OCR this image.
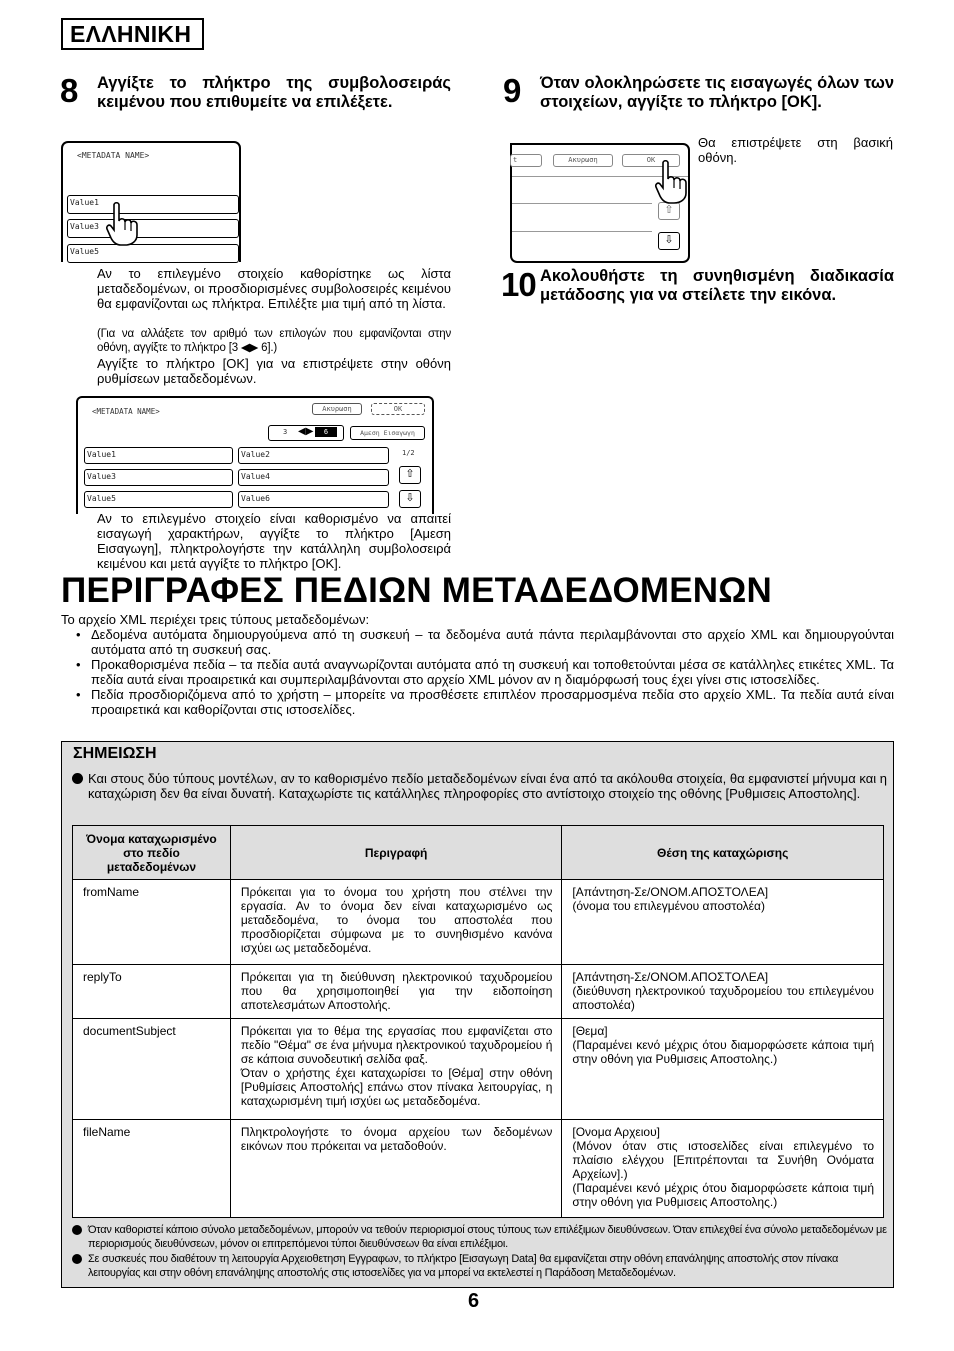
ΕΛΛΗΝΙΚΗ
8 Αγγίξτε το πλήκτρο της συμβολοσειράς κειμένου που επιθυμείτε να επιλέξετε.
<METADATA NAME>
Value1
Value3
Value5
Αν το επιλεγμένο στοιχείο καθορίστηκε ως λίστα μεταδεδομένων, οι προσδιορισμένες συμβολοσειρές κειμένου θα εμφανίζονται ως πλήκτρα. Επιλέξτε μια τιμή από τη λίστα.
(Για να αλλάξετε τον αριθμό των επιλογών που εμφανίζονται στην οθόνη, αγγίξτε το πλήκτρο [3 ◀▶ 6].)
Αγγίξτε το πλήκτρο [OK] για να επιστρέψετε στην οθόνη ρυθμίσεων μεταδεδομένων.
<METADATA NAME>	Ακυρωση	OK
3 ◀▶	6	Αμεση Εισαγωγη
Value1	Value2
Value3	Value4
Value5	Value6
1/2
⇧
⇩
Αν το επιλεγμένο στοιχείο είναι καθορισμένο να απαιτεί εισαγωγή χαρακτήρων, αγγίξτε το πλήκτρο [Αμεση Εισαγωγη], πληκτρολογήστε την κατάλληλη συμβολοσειρά κειμένου και μετά αγγίξτε το πλήκτρο [OK].
9 Όταν ολοκληρώσετε τις εισαγωγές όλων των στοιχείων, αγγίξτε το πλήκτρο [OK].
t	Ακυρωση	OK
⇧
⇩
Θα επιστρέψετε στη βασική οθόνη.
10 Ακολουθήστε τη συνηθισμένη διαδικασία μετάδοσης για να στείλετε την εικόνα.
ΠΕΡΙΓΡΑΦΕΣ ΠΕΔΙΩΝ ΜΕΤΑΔΕΔΟΜΕΝΩΝ
Το αρχείο XML περιέχει τρεις τύπους μεταδεδομένων:
• Δεδομένα αυτόματα δημιουργούμενα από τη συσκευή – τα δεδομένα αυτά πάντα περιλαμβάνονται στο αρχείο XML και δημιουργούνται αυτόματα από τη συσκευή σας.
• Προκαθορισμένα πεδία – τα πεδία αυτά αναγνωρίζονται αυτόματα από τη συσκευή και τοποθετούνται μέσα σε κατάλληλες ετικέτες XML. Τα πεδία αυτά είναι προαιρετικά και συμπεριλαμβάνονται στο αρχείο XML μόνον αν η διαμόρφωσή τους έχει γίνει στις ιστοσελίδες.
• Πεδία προσδιοριζόμενα από το χρήστη – μπορείτε να προσθέσετε επιπλέον προσαρμοσμένα πεδία στο αρχείο XML. Τα πεδία αυτά είναι προαιρετικά και καθορίζονται στις ιστοσελίδες.
ΣΗΜΕΙΩΣΗ
Και στους δύο τύπους μοντέλων, αν το καθορισμένο πεδίο μεταδεδομένων είναι ένα από τα ακόλουθα στοιχεία, θα εμφανιστεί μήνυμα και η καταχώριση δεν θα είναι δυνατή. Καταχωρίστε τις κατάλληλες πληροφορίες στο αντίστοιχο στοιχείο της οθόνης [Ρυθμισεις Αποστολης].
Όνομα καταχωρισμένο στο πεδίο μεταδεδομένων	Περιγραφή	Θέση της καταχώρισης
fromName	Πρόκειται για το όνομα του χρήστη που στέλνει την εργασία. Αν το όνομα δεν είναι καταχωρισμένο ως μεταδεδομένα, το όνομα του αποστολέα που προσδιορίζεται σύμφωνα με το συνηθισμένο κανόνα ισχύει ως μεταδεδομένα.	[Απάντηση-Σε/ΟΝΟΜ.ΑΠΟΣΤΟΛΕΑ]
(όνομα του επιλεγμένου αποστολέα)
replyTo	Πρόκειται για τη διεύθυνση ηλεκτρονικού ταχυδρομείου που θα χρησιμοποιηθεί για την ειδοποίηση αποτελεσμάτων Αποστολής.	[Απάντηση-Σε/ΟΝΟΜ.ΑΠΟΣΤΟΛΕΑ]
(διεύθυνση ηλεκτρονικού ταχυδρομείου του επιλεγμένου αποστολέα)
documentSubject	Πρόκειται για το θέμα της εργασίας που εμφανίζεται στο πεδίο "Θέμα" σε ένα μήνυμα ηλεκτρονικού ταχυδρομείου ή σε κάποια συνοδευτική σελίδα φαξ.
Όταν ο χρήστης έχει καταχωρίσει το [Θέμα] στην οθόνη [Ρυθμίσεις Αποστολής] επάνω στον πίνακα λειτουργίας, η καταχωρισμένη τιμή ισχύει ως μεταδεδομένα.	[Θεμα]
(Παραμένει κενό μέχρις ότου διαμορφώσετε κάποια τιμή στην οθόνη για Ρυθμισεις Αποστολης.)
fileName	Πληκτρολογήστε το όνομα αρχείου των δεδομένων εικόνων που πρόκειται να μεταδοθούν.	[Ονομα Αρχειου]
(Μόνον όταν στις ιστοσελίδες είναι επιλεγμένο το πλαίσιο ελέγχου [Επιτρέπονται τα Συνήθη Ονόματα Αρχείων].)
(Παραμένει κενό μέχρις ότου διαμορφώσετε κάποια τιμή στην οθόνη για Ρυθμισεις Αποστολης.)
Όταν καθοριστεί κάποιο σύνολο μεταδεδομένων, μπορούν να τεθούν περιορισμοί στους τύπους των επιλέξιμων διευθύνσεων. Όταν επιλεχθεί ένα σύνολο μεταδεδομένων με περιορισμούς διευθύνσεων, μόνον οι επιτρεπόμενοι τύποι διευθύνσεων θα είναι επιλέξιμοι.
Σε συσκευές που διαθέτουν τη λειτουργία Αρχειοθετηση Εγγραφων, το πλήκτρο [Εισαγωγη Data] θα εμφανίζεται στην οθόνη επανάληψης αποστολής στον πίνακα λειτουργίας και στην οθόνη επανάληψης αποστολής στις ιστοσελίδες για να μπορεί να εκτελεστεί η Παράδοση Μεταδεδομένων.
6
